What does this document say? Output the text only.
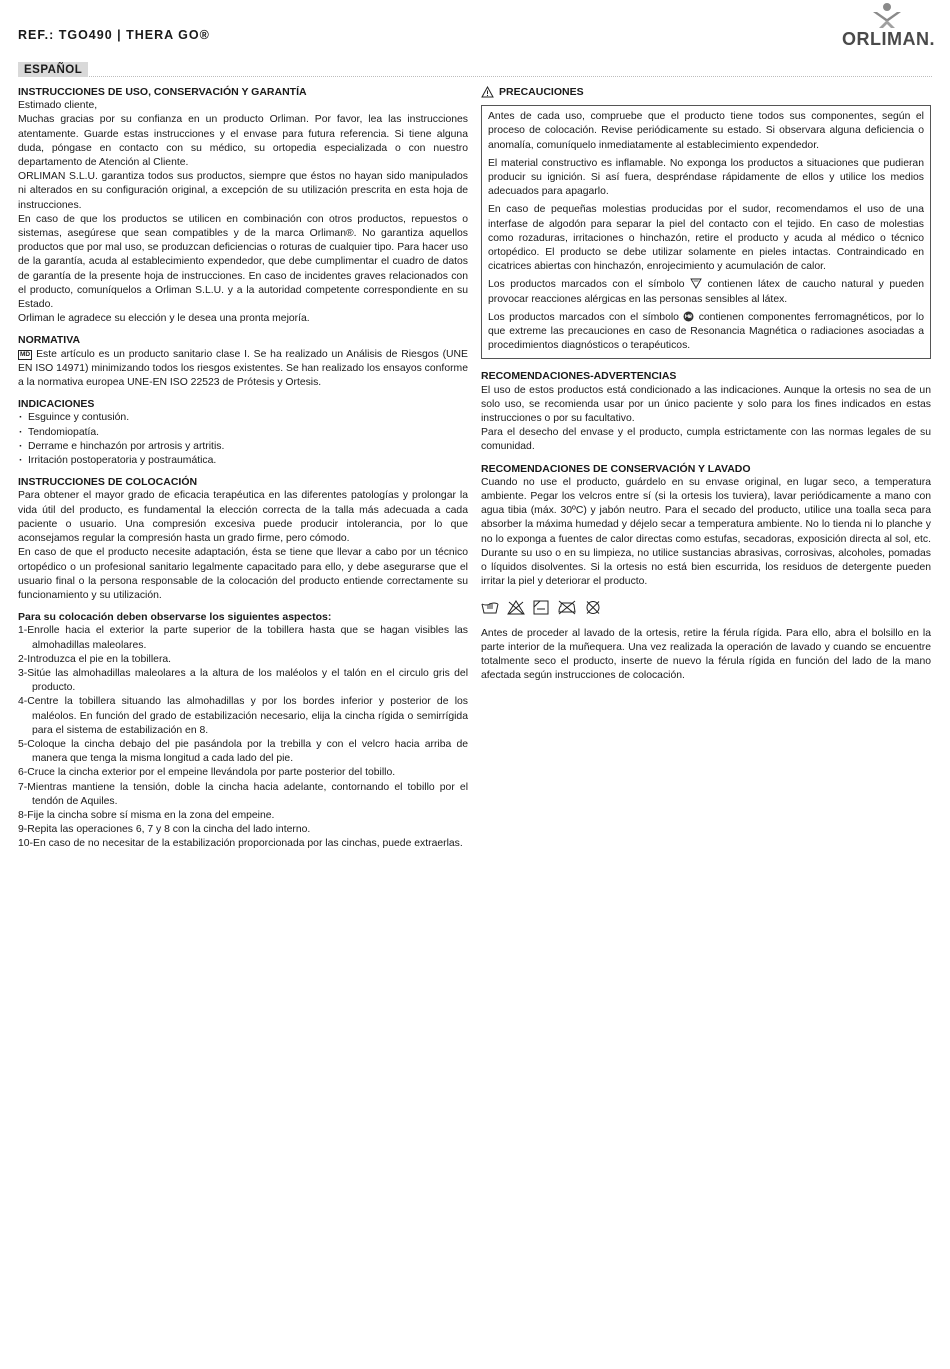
REF.: TGO490 | THERA GO®	ORLIMAN.
ESPAÑOL
INSTRUCCIONES DE USO, CONSERVACIÓN Y GARANTÍA

Estimado cliente,

Muchas gracias por su confianza en un producto Orliman. Por favor, lea las instrucciones atentamente. Guarde estas instrucciones y el envase para futura referencia. Si tiene alguna duda, póngase en contacto con su médico, su ortopedia especializada o con nuestro departamento de Atención al Cliente.

ORLIMAN S.L.U. garantiza todos sus productos, siempre que éstos no hayan sido manipulados ni alterados en su configuración original, a excepción de su utilización prescrita en esta hoja de instrucciones.

En caso de que los productos se utilicen en combinación con otros productos, repuestos o sistemas, asegúrese que sean compatibles y de la marca Orliman®. No garantiza aquellos productos que por mal uso, se produzcan deficiencias o roturas de cualquier tipo. Para hacer uso de la garantía, acuda al establecimiento expendedor, que debe cumplimentar el cuadro de datos de garantía de la presente hoja de instrucciones. En caso de incidentes graves relacionados con el producto, comuníquelos a Orliman S.L.U. y a la autoridad competente correspondiente en su Estado.

Orliman le agradece su elección y le desea una pronta mejoría.

NORMATIVA

MD Este artículo es un producto sanitario clase I. Se ha realizado un Análisis de Riesgos (UNE EN ISO 14971) minimizando todos los riesgos existentes. Se han realizado los ensayos conforme a la normativa europea UNE-EN ISO 22523 de Prótesis y Ortesis.

INDICACIONES
· Esguince y contusión.
· Tendomiopatía.
· Derrame e hinchazón por artrosis y artritis.
· Irritación postoperatoria y postraumática.
INSTRUCCIONES DE COLOCACIÓN

Para obtener el mayor grado de eficacia terapéutica en las diferentes patologías y prolongar la vida útil del producto, es fundamental la elección correcta de la talla más adecuada a cada paciente o usuario. Una compresión excesiva puede producir intolerancia, por lo que aconsejamos regular la compresión hasta un grado firme, pero cómodo.

En caso de que el producto necesite adaptación, ésta se tiene que llevar a cabo por un técnico ortopédico o un profesional sanitario legalmente capacitado para ello, y debe asegurarse que el usuario final o la persona responsable de la colocación del producto entiende correctamente su funcionamiento y su utilización.

Para su colocación deben observarse los siguientes aspectos:
1-Enrolle hacia el exterior la parte superior de la tobillera hasta que se hagan visibles las almohadillas maleolares.
2-Introduzca el pie en la tobillera.
3-Sitúe las almohadillas maleolares a la altura de los maléolos y el talón en el circulo gris del producto.
4-Centre la tobillera situando las almohadillas y por los bordes inferior y posterior de los maléolos. En función del grado de estabilización necesario, elija la cincha rígida o semirrígida para el sistema de estabilización en 8.
5-Coloque la cincha debajo del pie pasándola por la trebilla y con el velcro hacia arriba de manera que tenga la misma longitud a cada lado del pie.
6-Cruce la cincha exterior por el empeine llevándola por parte posterior del tobillo.
7-Mientras mantiene la tensión, doble la cincha hacia adelante, contornando el tobillo por el tendón de Aquiles.
8-Fije la cincha sobre sí misma en la zona del empeine.
9-Repita las operaciones 6, 7 y 8 con la cincha del lado interno.
10-En caso de no necesitar de la estabilización proporcionada por las cinchas, puede extraerlas.
PRECAUCIONES

Antes de cada uso, compruebe que el producto tiene todos sus componentes, según el proceso de colocación. Revise periódicamente su estado. Si observara alguna deficiencia o anomalía, comuníquelo inmediatamente al establecimiento expendedor.

El material constructivo es inflamable. No exponga los productos a situaciones que pudieran producir su ignición. Si así fuera, despréndase rápidamente de ellos y utilice los medios adecuados para apagarlo.

En caso de pequeñas molestias producidas por el sudor, recomendamos el uso de una interfase de algodón para separar la piel del contacto con el tejido. En caso de molestias como rozaduras, irritaciones o hinchazón, retire el producto y acuda al médico o técnico ortopédico. El producto se debe utilizar solamente en pieles intactas. Contraindicado en cicatrices abiertas con hinchazón, enrojecimiento y acumulación de calor.

Los productos marcados con el símbolo contienen látex de caucho natural y pueden provocar reacciones alérgicas en las personas sensibles al látex.

Los productos marcados con el símbolo contienen componentes ferromagnéticos, por lo que extreme las precauciones en caso de Resonancia Magnética o radiaciones asociadas a procedimientos diagnósticos o terapéuticos.

RECOMENDACIONES-ADVERTENCIAS

El uso de estos productos está condicionado a las indicaciones. Aunque la ortesis no sea de un solo uso, se recomienda usar por un único paciente y solo para los fines indicados en estas instrucciones o por su facultativo.

Para el desecho del envase y el producto, cumpla estrictamente con las normas legales de su comunidad.

RECOMENDACIONES DE CONSERVACIÓN Y LAVADO

Cuando no use el producto, guárdelo en su envase original, en lugar seco, a temperatura ambiente. Pegar los velcros entre sí (si la ortesis los tuviera), lavar periódicamente a mano con agua tibia (máx. 30ºC) y jabón neutro. Para el secado del producto, utilice una toalla seca para absorber la máxima humedad y déjelo secar a temperatura ambiente. No lo tienda ni lo planche y no lo exponga a fuentes de calor directas como estufas, secadoras, exposición directa al sol, etc. Durante su uso o en su limpieza, no utilice sustancias abrasivas, corrosivas, alcoholes, pomadas o líquidos disolventes. Si la ortesis no está bien escurrida, los residuos de detergente pueden irritar la piel y deteriorar el producto.

Antes de proceder al lavado de la ortesis, retire la férula rígida. Para ello, abra el bolsillo en la parte interior de la muñequera. Una vez realizada la operación de lavado y cuando se encuentre totalmente seco el producto, inserte de nuevo la férula rígida en función del lado de la mano afectada según instrucciones de colocación.
